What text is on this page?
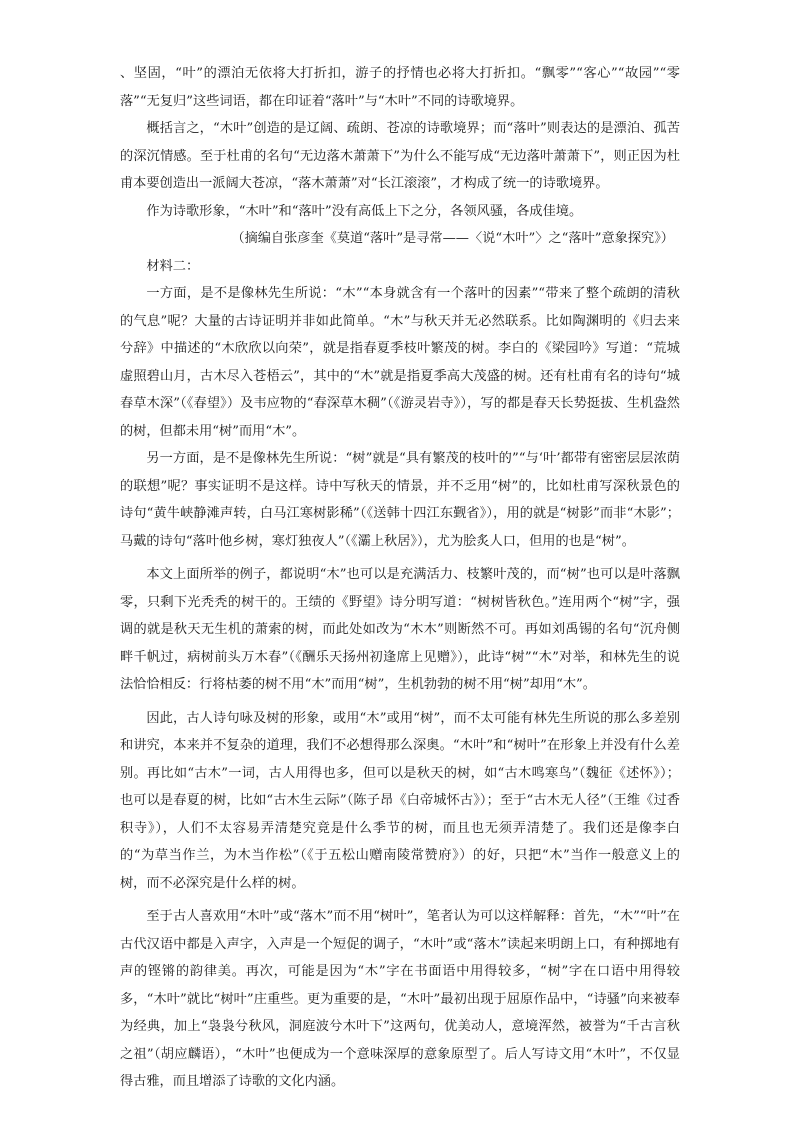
、坚固，“叶”的漂泊无依将大打折扣，游子的抒情也必将大打折扣。“飘零”“客心”“故园”“零落”“无复归”这些词语，都在印证着“落叶”与“木叶”不同的诗歌境界。

概括言之，“木叶”创造的是辽阔、疏朗、苍凉的诗歌境界；而“落叶”则表达的是漂泊、孤苦的深沉情感。至于杜甫的名句“无边落木萧萧下”为什么不能写成“无边落叶萧萧下”，则正因为杜甫本要创造出一派阔大苍凉，“落木萧萧”对“长江滚滚”，才构成了统一的诗歌境界。

作为诗歌形象，“木叶”和“落叶”没有高低上下之分，各领风骚，各成佳境。

（摘编自张彦奎《莫道“落叶”是寻常——〈说“木叶”〉之“落叶”意象探究》）

材料二：

一方面，是不是像林先生所说：“木”“本身就含有一个落叶的因素”“带来了整个疏朗的清秋的气息”呢？大量的古诗证明并非如此简单。“木”与秋天并无必然联系。比如陶渊明的《归去来兮辞》中描述的“木欣欣以向荣”，就是指春夏季枝叶繁茂的树。李白的《梁园吟》写道：“荒城虚照碧山月，古木尽入苍梧云”，其中的“木”就是指夏季高大茂盛的树。还有杜甫有名的诗句“城春草木深”（《春望》）及韦应物的“春深草木稠”（《游灵岩寺》），写的都是春天长势挺拔、生机盎然的树，但都未用“树”而用“木”。

另一方面，是不是像林先生所说：“树”就是“具有繁茂的枝叶的”“与‘叶’都带有密密层层浓荫的联想”呢？事实证明不是这样。诗中写秋天的情景，并不乏用“树”的，比如杜甫写深秋景色的诗句“黄牛峡静滩声转，白马江寒树影稀”（《送韩十四江东觐省》），用的就是“树影”而非“木影”；马戴的诗句“落叶他乡树，寒灯独夜人”（《灞上秋居》），尤为脍炙人口，但用的也是“树”。

本文上面所举的例子，都说明“木”也可以是充满活力、枝繁叶茂的，而“树”也可以是叶落飘零，只剩下光秃秃的树干的。王绩的《野望》诗分明写道：“树树皆秋色。”连用两个“树”字，强调的就是秋天无生机的萧索的树，而此处如改为“木木”则断然不可。再如刘禹锡的名句“沉舟侧畔千帆过，病树前头万木春”（《酬乐天扬州初逢席上见赠》），此诗“树”“木”对举，和林先生的说法恰恰相反：行将枯萎的树不用“木”而用“树”，生机勃勃的树不用“树”却用“木”。

因此，古人诗句咏及树的形象，或用“木”或用“树”，而不太可能有林先生所说的那么多差别和讲究，本来并不复杂的道理，我们不必想得那么深奥。“木叶”和“树叶”在形象上并没有什么差别。再比如“古木”一词，古人用得也多，但可以是秋天的树，如“古木鸣寒鸟”（魏征《述怀》）；也可以是春夏的树，比如“古木生云际”（陈子昂《白帝城怀古》）；至于“古木无人径”（王维《过香积寺》），人们不太容易弄清楚究竟是什么季节的树，而且也无须弄清楚了。我们还是像李白的“为草当作兰，为木当作松”（《于五松山赠南陵常赞府》）的好，只把“木”当作一般意义上的树，而不必深究是什么样的树。

至于古人喜欢用“木叶”或“落木”而不用“树叶”，笔者认为可以这样解释：首先，“木”“叶”在古代汉语中都是入声字，入声是一个短促的调子，“木叶”或“落木”读起来明朗上口，有种掷地有声的铿锵的韵律美。再次，可能是因为“木”字在书面语中用得较多，“树”字在口语中用得较多，“木叶”就比“树叶”庄重些。更为重要的是，“木叶”最初出现于屈原作品中，“诗骚”向来被奉为经典，加上“袅袅兮秋风，洞庭波兮木叶下”这两句，优美动人，意境浑然，被誉为“千古言秋之祖”（胡应麟语），“木叶”也便成为一个意味深厚的意象原型了。后人写诗文用“木叶”，不仅显得古雅，而且增添了诗歌的文化内涵。
